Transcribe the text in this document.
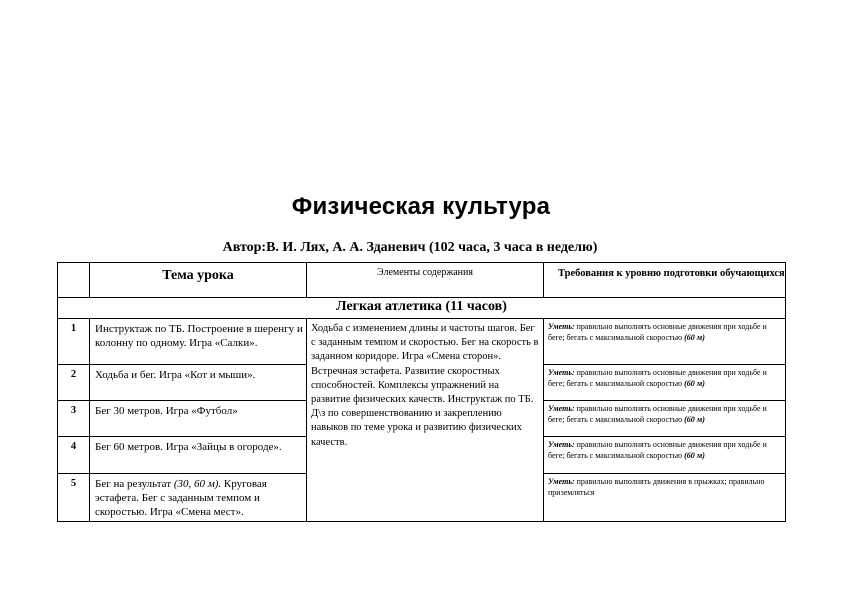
Физическая культура
Автор:В. И. Лях, А. А. Зданевич (102 часа, 3 часа в неделю)
	Тема урока	Элементы содержания	Требования к уровню подготовки обучающихся
Легкая атлетика (11 часов)			
1	Инструктаж по ТБ. Построение в шеренгу и колонну по одному. Игра «Салки».	Ходьба с изменением длины и частоты шагов. Бег с заданным темпом и скоростью. Бег на скорость в заданном коридоре. Игра «Смена сторон». Встречная эстафета. Развитие скоростных способностей. Комплексы упражнений на развитие физических качеств. Инструктаж по ТБ. Д\з по совершенствованию и закреплению навыков по теме урока и развитию физических качеств.	Уметь: правильно выполнять основные движения при ходьбе и беге; бегать с максимальной скоростью (60 м)
2	Ходьба и бег. Игра «Кот и мыши».		Уметь: правильно выполнять основные движения при ходьбе и беге; бегать с максимальной скоростью (60 м)
3	Бег 30 метров. Игра «Футбол»		Уметь: правильно выполнять основные движения при ходьбе и беге; бегать с максимальной скоростью (60 м)
4	Бег 60 метров. Игра «Зайцы в огороде».		Уметь: правильно выполнять основные движения при ходьбе и беге; бегать с максимальной скоростью (60 м)
5	Бег на результат (30, 60 м). Круговая эстафета. Бег с заданным темпом и скоростью. Игра «Смена мест».		Уметь: правильно выполнять движения в прыжках; правильно приземляться
